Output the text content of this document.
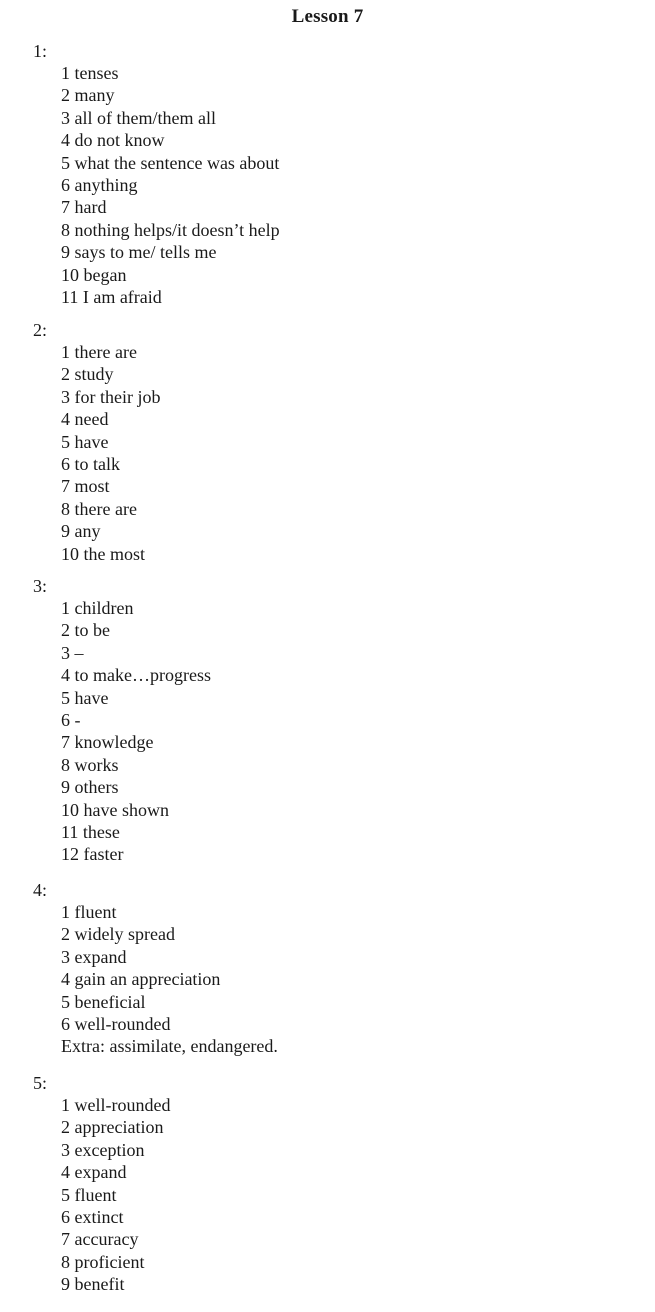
Lesson 7
1:
1 tenses
2 many
3 all of them/them all
4 do not know
5 what the sentence was about
6 anything
7 hard
8 nothing helps/it doesn’t help
9 says to me/ tells me
10 began
11 I am afraid
2:
1 there are
2 study
3 for their job
4 need
5 have
6 to talk
7 most
8 there are
9 any
10 the most
3:
1 children
2 to be
3 –
4 to make…progress
5 have
6 -
7 knowledge
8 works
9 others
10 have shown
11 these
12 faster
4:
1 fluent
2 widely spread
3 expand
4 gain an appreciation
5 beneficial
6 well-rounded
Extra: assimilate, endangered.
5:
1 well-rounded
2 appreciation
3 exception
4 expand
5 fluent
6 extinct
7 accuracy
8 proficient
9 benefit
